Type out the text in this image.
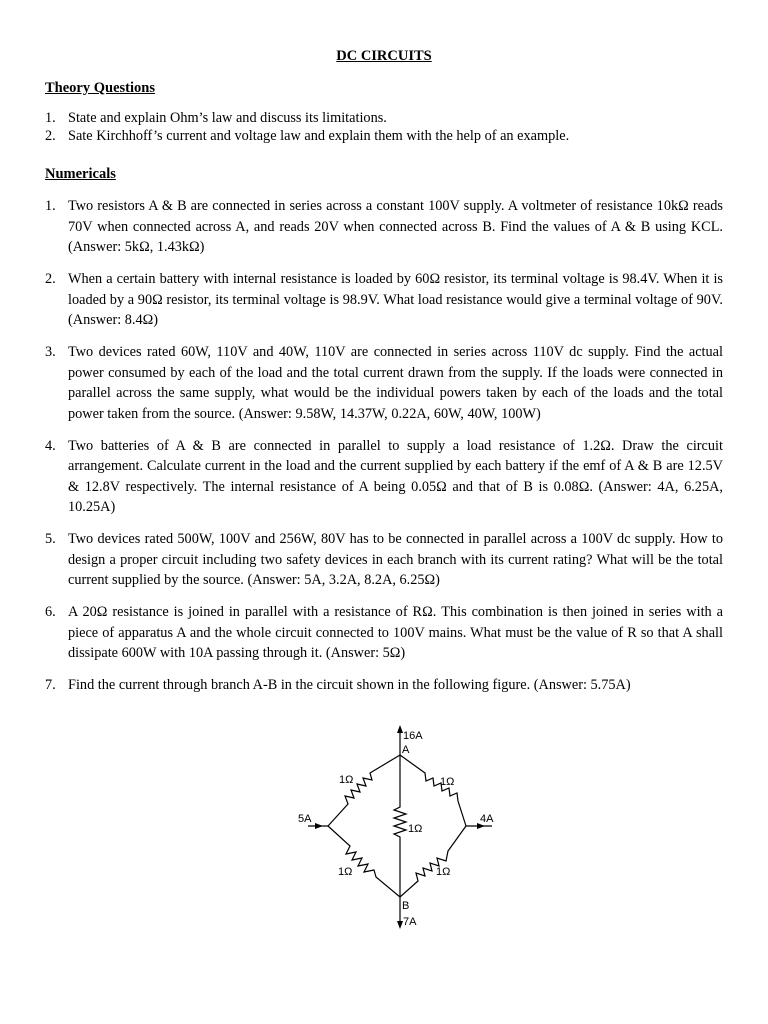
DC CIRCUITS
Theory Questions
1. State and explain Ohm’s law and discuss its limitations.
2. Sate Kirchhoff’s current and voltage law and explain them with the help of an example.
Numericals
1. Two resistors A & B are connected in series across a constant 100V supply. A voltmeter of resistance 10kΩ reads 70V when connected across A, and reads 20V when connected across B. Find the values of A & B using KCL. (Answer: 5kΩ, 1.43kΩ)
2. When a certain battery with internal resistance is loaded by 60Ω resistor, its terminal voltage is 98.4V. When it is loaded by a 90Ω resistor, its terminal voltage is 98.9V. What load resistance would give a terminal voltage of 90V. (Answer: 8.4Ω)
3. Two devices rated 60W, 110V and 40W, 110V are connected in series across 110V dc supply. Find the actual power consumed by each of the load and the total current drawn from the supply. If the loads were connected in parallel across the same supply, what would be the individual powers taken by each of the loads and the total power taken from the source. (Answer: 9.58W, 14.37W, 0.22A, 60W, 40W, 100W)
4. Two batteries of A & B are connected in parallel to supply a load resistance of 1.2Ω. Draw the circuit arrangement. Calculate current in the load and the current supplied by each battery if the emf of A & B are 12.5V & 12.8V respectively. The internal resistance of A being 0.05Ω and that of B is 0.08Ω. (Answer: 4A, 6.25A, 10.25A)
5. Two devices rated 500W, 100V and 256W, 80V has to be connected in parallel across a 100V dc supply. How to design a proper circuit including two safety devices in each branch with its current rating? What will be the total current supplied by the source. (Answer: 5A, 3.2A, 8.2A, 6.25Ω)
6. A 20Ω resistance is joined in parallel with a resistance of RΩ. This combination is then joined in series with a piece of apparatus A and the whole circuit connected to 100V mains. What must be the value of R so that A shall dissipate 600W with 10A passing through it. (Answer: 5Ω)
7. Find the current through branch A-B in the circuit shown in the following figure. (Answer: 5.75A)
16A
A
B
7A
5A	4A
1Ω	1Ω
1Ω
1Ω	1Ω
